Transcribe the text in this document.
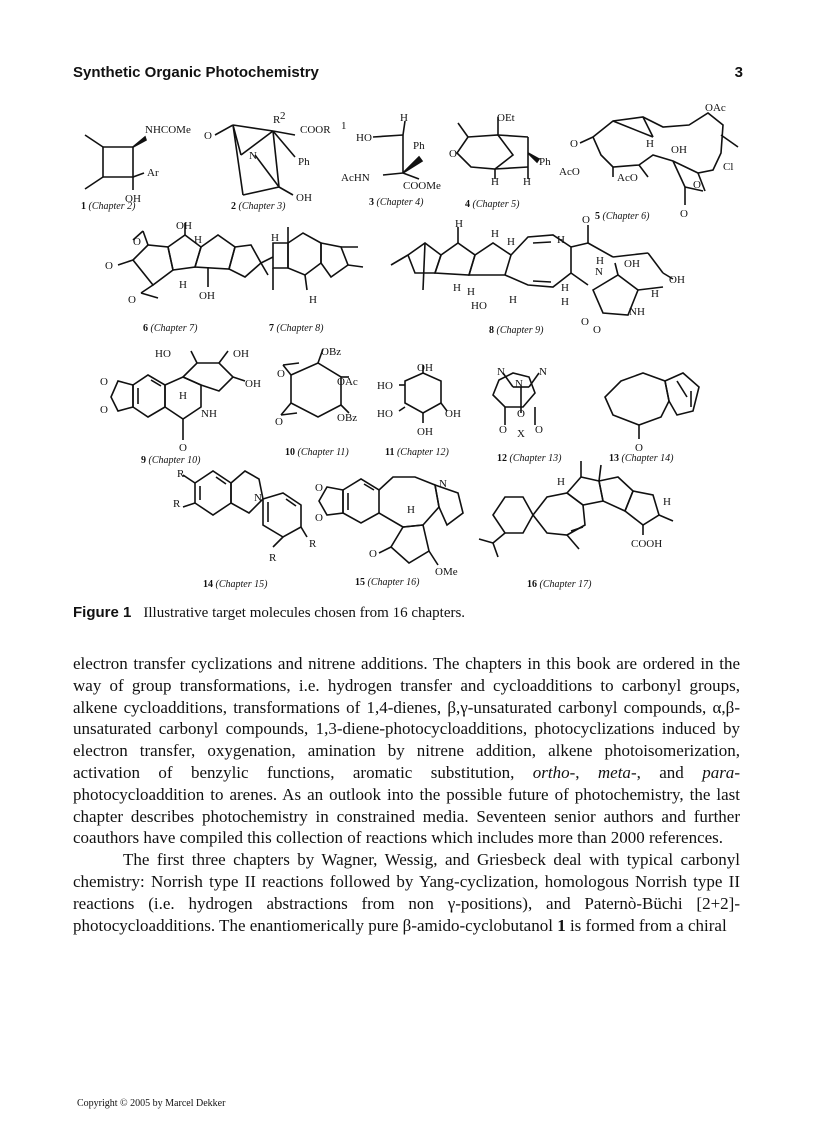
Synthetic Organic Photochemistry	3
NHCOMe
Ar
OH
O
R 2
COOR 1
N	Ph
OH
HO
H
Ph
AcHN
COOMe
OEt
O
Ph
H H
OAc
O	H OH
Cl
AcO	AcO
O
O
OH
H
O
O
H
OH
O
H
H
H
H
H	H
O
H
N
OH
OH
H H
H
H
H
HO
H
NH
O
O
HO	OH
OH
O
O
H
NH
O
OBz
O
OAc
OBz
O
OH
HO
HO	OH
OH
N	N
N
O
O X O
O
R
R	N
R
R
O
O
N
H
O
OMe
H
H
COOH
1 (Chapter 2)	2 (Chapter 3)	3 (Chapter 4)	4 (Chapter 5)
5 (Chapter 6)
6 (Chapter 7)	7 (Chapter 8)	8 (Chapter 9)
9 (Chapter 10)
10 (Chapter 11)	11 (Chapter 12)
12 (Chapter 13)	13 (Chapter 14)
14 (Chapter 15)	15 (Chapter 16)	16 (Chapter 17)
Figure 1 Illustrative target molecules chosen from 16 chapters.

electron transfer cyclizations and nitrene additions. The chapters in this book are ordered in the way of group transformations, i.e. hydrogen transfer and cycloadditions to carbonyl groups, alkene cycloadditions, transformations of 1,4-dienes, β,γ-unsaturated carbonyl compounds, α,β-unsaturated carbonyl compounds, 1,3-diene-photocycloadditions, photocyclizations induced by electron transfer, oxygenation, amination by nitrene addition, alkene photoisomerization, activation of benzylic functions, aromatic substitution, ortho-, meta-, and para-photocycloaddition to arenes. As an outlook into the possible future of photochemistry, the last chapter describes photochemistry in constrained media. Seventeen senior authors and further coauthors have compiled this collection of reactions which includes more than 2000 references.

The first three chapters by Wagner, Wessig, and Griesbeck deal with typical carbonyl chemistry: Norrish type II reactions followed by Yang-cyclization, homologous Norrish type II reactions (i.e. hydrogen abstractions from non γ-positions), and Paternò-Büchi [2+2]-photocycloadditions. The enantiomerically pure β-amido-cyclobutanol 1 is formed from a chiral

Copyright © 2005 by Marcel Dekker
